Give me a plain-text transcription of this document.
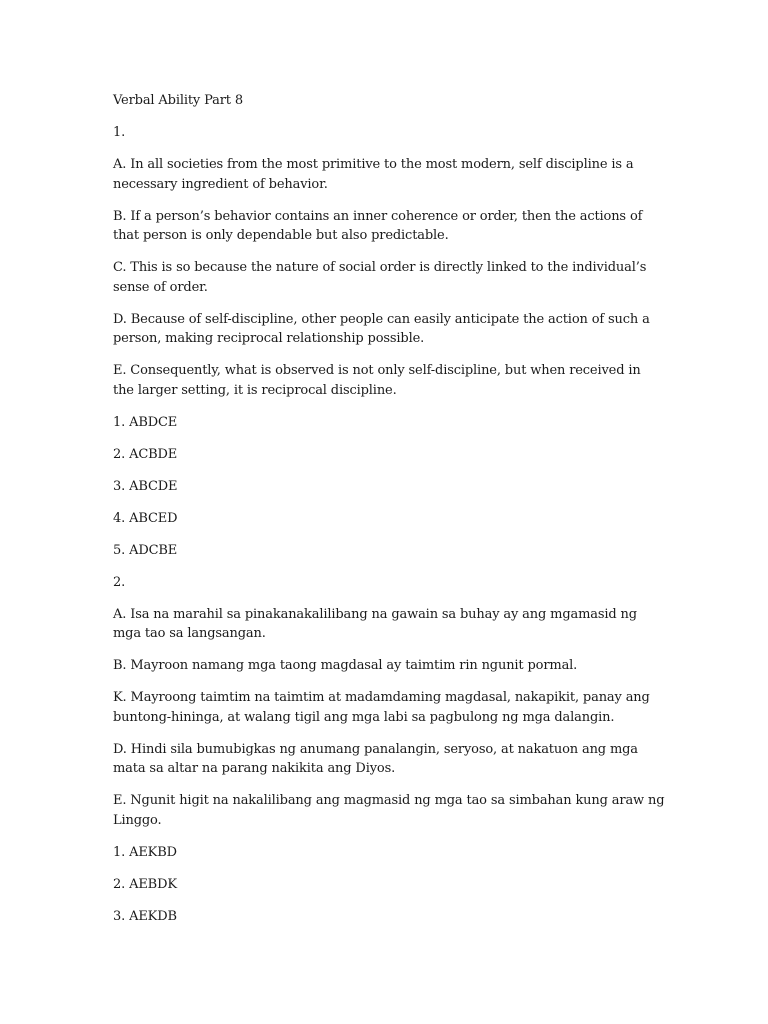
Verbal Ability Part 8

1.

A. In all societies from the most primitive to the most modern, self discipline is a necessary ingredient of behavior.

B. If a person’s behavior contains an inner coherence or order, then the actions of that person is only dependable but also predictable.

C. This is so because the nature of social order is directly linked to the individual’s sense of order.

D. Because of self-discipline, other people can easily anticipate the action of such a person, making reciprocal relationship possible.

E. Consequently, what is observed is not only self-discipline, but when received in the larger setting, it is reciprocal discipline.

1. ABDCE

2. ACBDE

3. ABCDE

4. ABCED

5. ADCBE

2.

A. Isa na marahil sa pinakanakalilibang na gawain sa buhay ay ang mgamasid ng mga tao sa langsangan.

B. Mayroon namang mga taong magdasal ay taimtim rin ngunit pormal.

K. Mayroong taimtim na taimtim at madamdaming magdasal, nakapikit, panay ang buntong-hininga, at walang tigil ang mga labi sa pagbulong ng mga dalangin.

D. Hindi sila bumubigkas ng anumang panalangin, seryoso, at nakatuon ang mga mata sa altar na parang nakikita ang Diyos.

E. Ngunit higit na nakalilibang ang magmasid ng mga tao sa simbahan kung araw ng Linggo.

1. AEKBD

2. AEBDK

3. AEKDB
